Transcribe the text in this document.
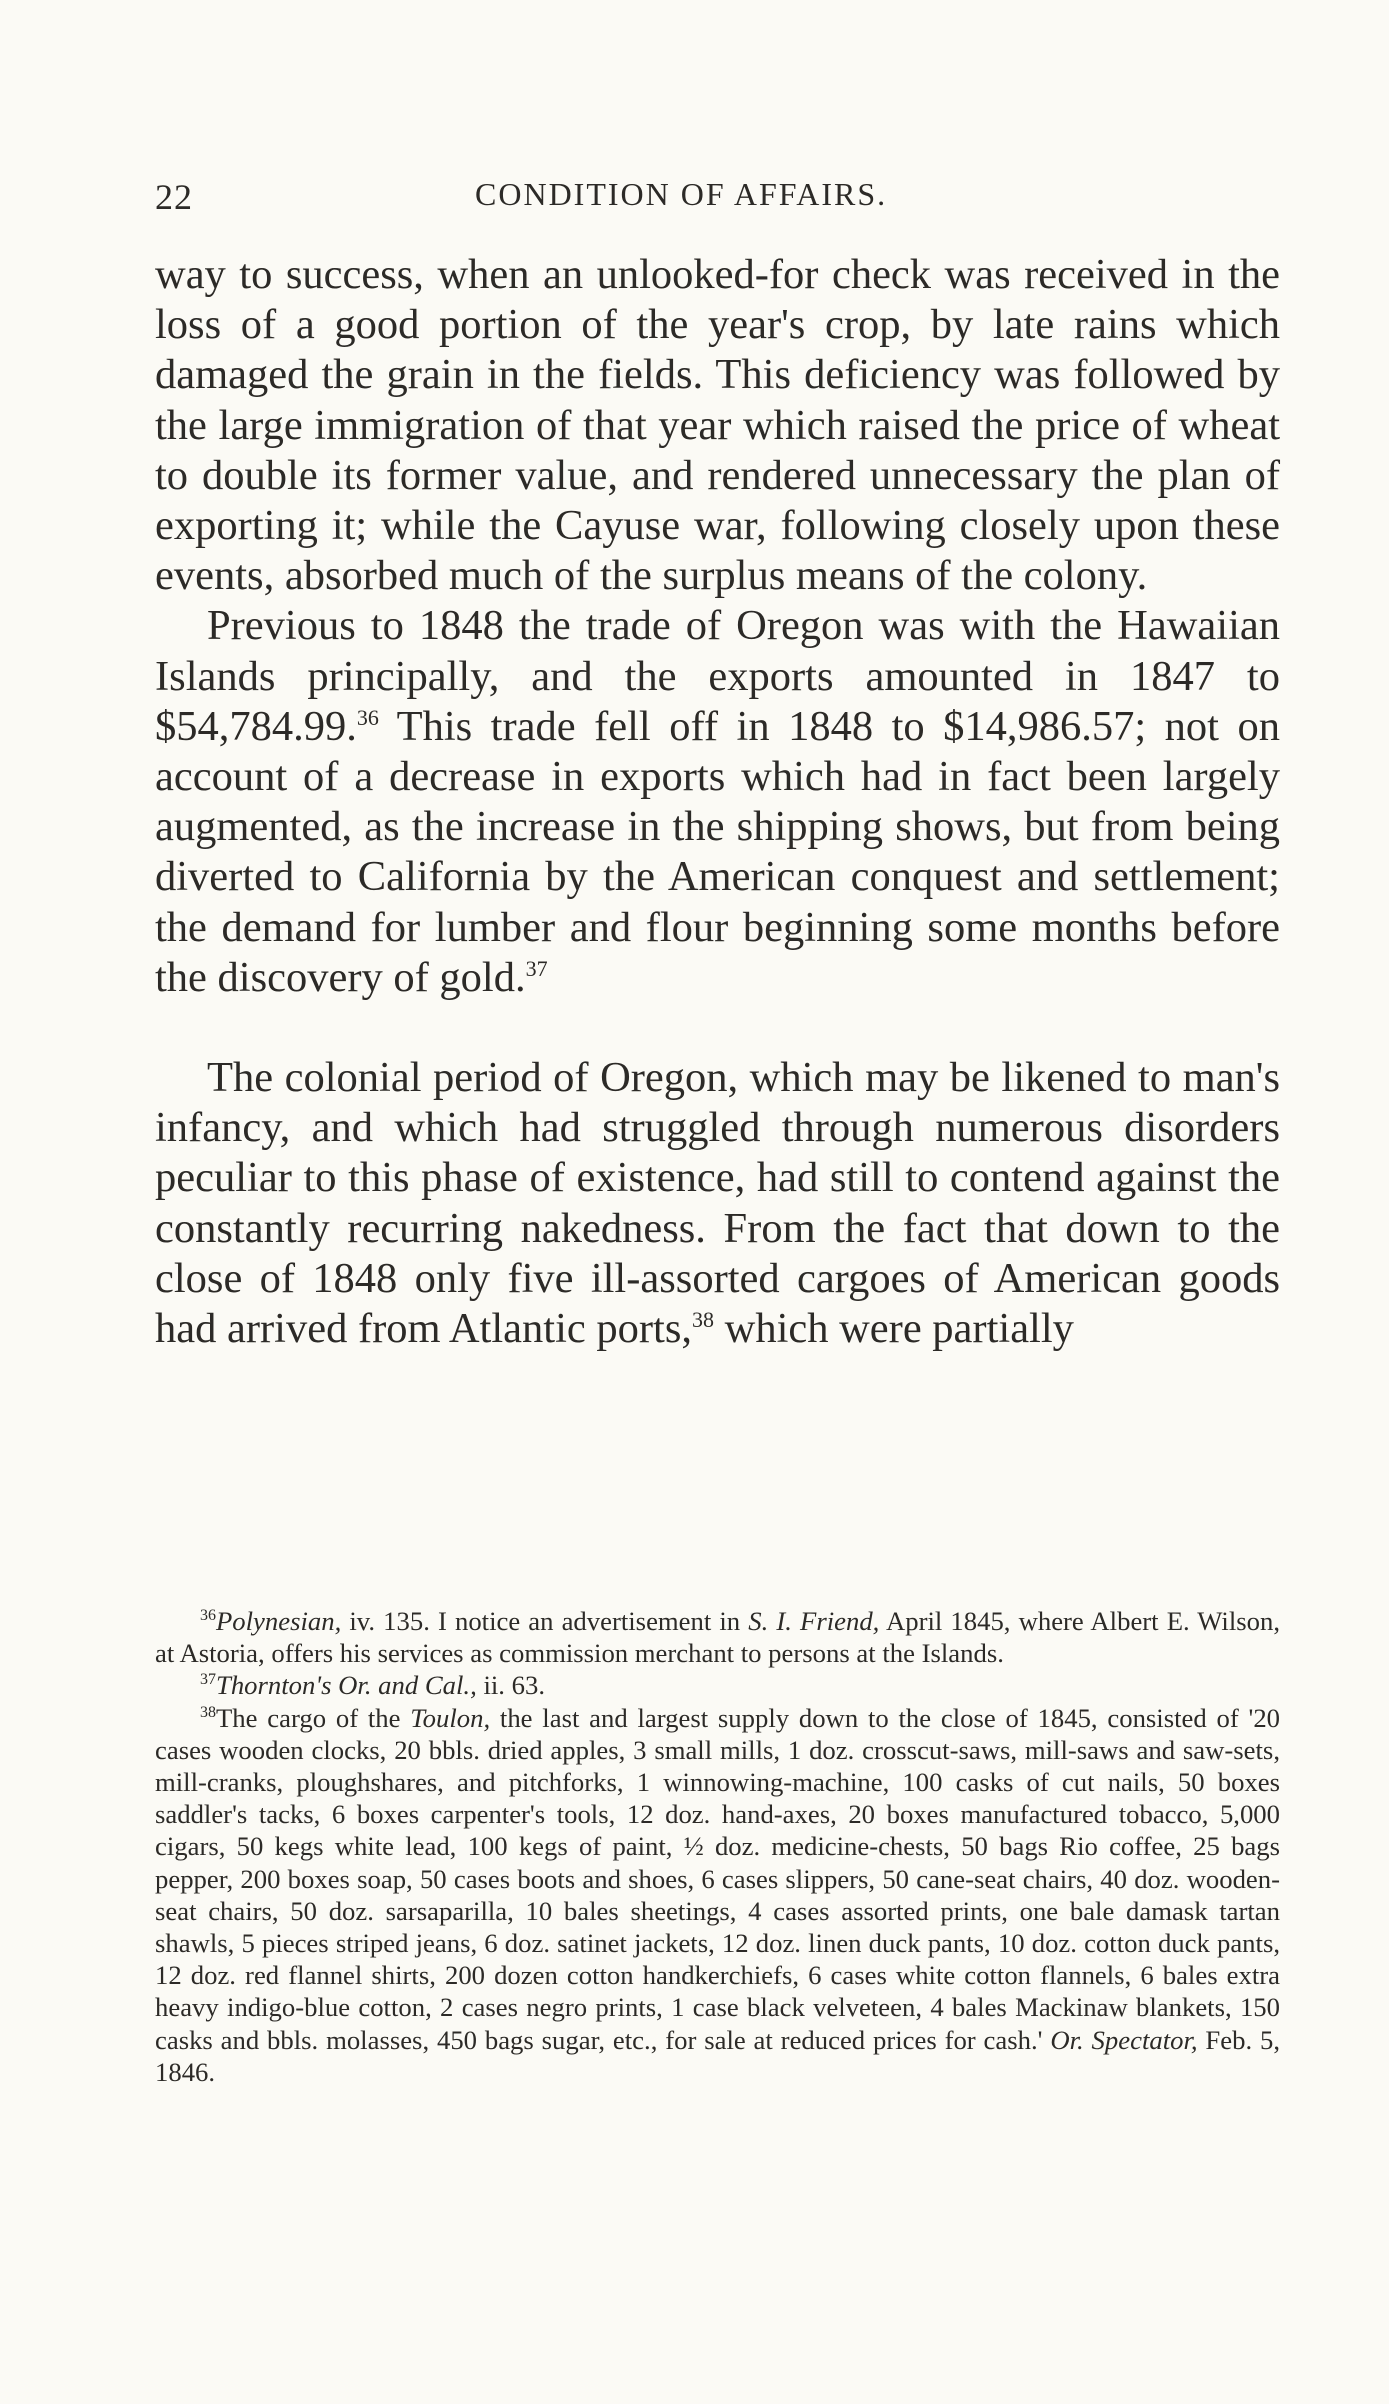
22	CONDITION OF AFFAIRS.

way to success, when an unlooked-for check was received in the loss of a good portion of the year's crop, by late rains which damaged the grain in the fields. This deficiency was followed by the large immigration of that year which raised the price of wheat to double its former value, and rendered unnecessary the plan of exporting it; while the Cayuse war, following closely upon these events, absorbed much of the surplus means of the colony.

Previous to 1848 the trade of Oregon was with the Hawaiian Islands principally, and the exports amounted in 1847 to $54,784.99.36 This trade fell off in 1848 to $14,986.57; not on account of a decrease in exports which had in fact been largely augmented, as the increase in the shipping shows, but from being diverted to California by the American conquest and settlement; the demand for lumber and flour beginning some months before the discovery of gold.$^{37}$

The colonial period of Oregon, which may be likened to man's infancy, and which had struggled through numerous disorders peculiar to this phase of existence, had still to contend against the constantly recurring nakedness. From the fact that down to the close of 1848 only five ill-assorted cargoes of American goods had arrived from Atlantic ports,$^{38}$ which were partially

$^{36}$Polynesian, iv. 135. I notice an advertisement in S. I. Friend, April 1845, where Albert E. Wilson, at Astoria, offers his services as commission merchant to persons at the Islands.

$^{37}$Thornton's Or. and Cal., ii. 63.

$^{38}$The cargo of the Toulon, the last and largest supply down to the close of 1845, consisted of '20 cases wooden clocks, 20 bbls. dried apples, 3 small mills, 1 doz. crosscut-saws, mill-saws and saw-sets, mill-cranks, ploughshares, and pitchforks, 1 winnowing-machine, 100 casks of cut nails, 50 boxes saddler's tacks, 6 boxes carpenter's tools, 12 doz. hand-axes, 20 boxes manufactured tobacco, 5,000 cigars, 50 kegs white lead, 100 kegs of paint, ½ doz. medicine-chests, 50 bags Rio coffee, 25 bags pepper, 200 boxes soap, 50 cases boots and shoes, 6 cases slippers, 50 cane-seat chairs, 40 doz. wooden-seat chairs, 50 doz. sarsaparilla, 10 bales sheetings, 4 cases assorted prints, one bale damask tartan shawls, 5 pieces striped jeans, 6 doz. satinet jackets, 12 doz. linen duck pants, 10 doz. cotton duck pants, 12 doz. red flannel shirts, 200 dozen cotton handkerchiefs, 6 cases white cotton flannels, 6 bales extra heavy indigo-blue cotton, 2 cases negro prints, 1 case black velveteen, 4 bales Mackinaw blankets, 150 casks and bbls. molasses, 450 bags sugar, etc., for sale at reduced prices for cash.' Or. Spectator, Feb. 5, 1846.
